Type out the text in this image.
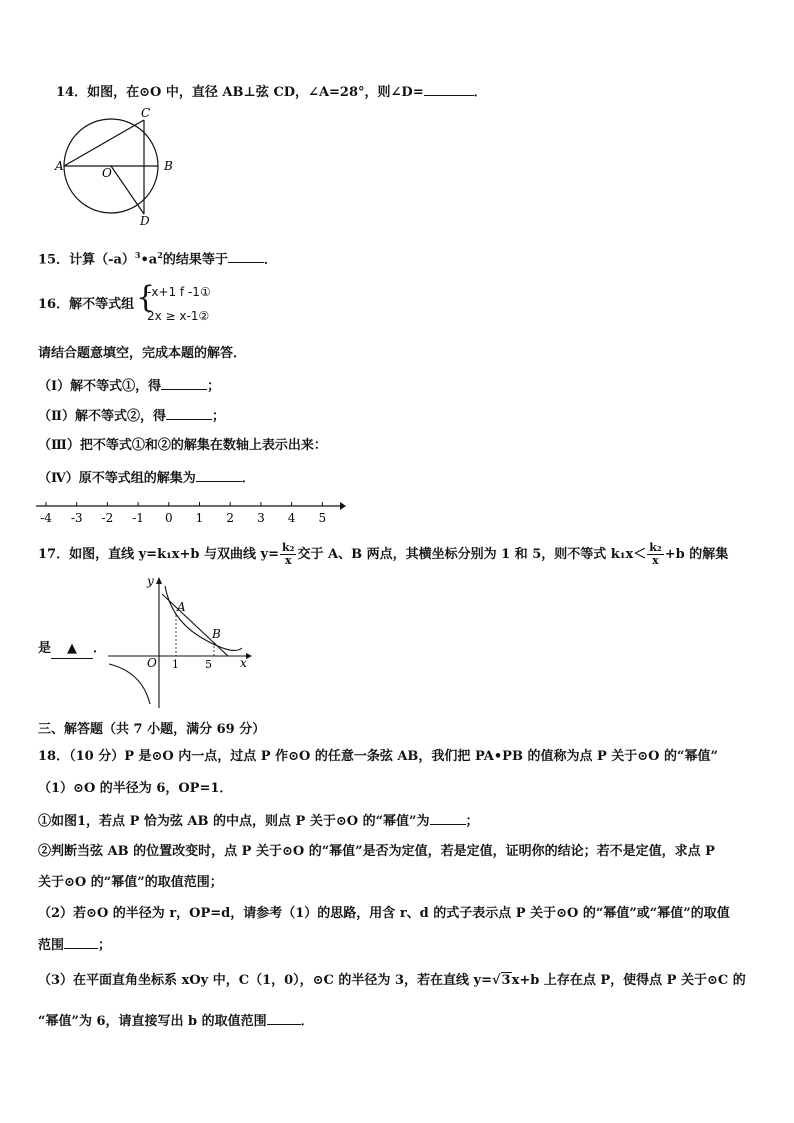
14．如图，在⊙O 中，直径 AB⊥弦 CD，∠A=28°，则∠D=	．
A	B
C
D
O
15．计算$(-a)^3•a^2$的结果等于	．
16．解不等式组 {
-x+1 f -1①
2x ≥ x-1②
请结合题意填空，完成本题的解答．
（Ⅰ）解不等式①，得	；
（Ⅱ）解不等式②，得	；
（Ⅲ）把不等式①和②的解集在数轴上表示出来：
（Ⅳ）原不等式组的解集为	．
-4 -3 -2 -1 0 1 2 3 4 5
17．如图，直线 y=k₁x+b 与双曲线 $y= \frac{\text{k₂}}{x}$ 交于 A、B 两点，其横坐标分别为 1 和 5，则不等式 $k_1x< \frac{\text{k₂}}{x} +b$ 的解集
是 ▲ ．
y
x
O
A
B
1 5
三、解答题（共 7 小题，满分 69 分）
18．（10 分）P 是⊙O 内一点，过点 P 作⊙O 的任意一条弦 AB，我们把 PA•PB 的值称为点 P 关于⊙O 的“幂值”
（1）⊙O 的半径为 6，OP=1．
①如图1，若点 P 恰为弦 AB 的中点，则点 P 关于⊙O 的“幂值”为	；
②判断当弦 AB 的位置改变时，点 P 关于⊙O 的“幂值”是否为定值，若是定值，证明你的结论；若不是定值，求点 P
关于⊙O 的“幂值”的取值范围；
（2）若⊙O 的半径为 r，OP=d，请参考（1）的思路，用含 r、d 的式子表示点 P 关于⊙O 的“幂值”或“幂值”的取值
范围	；
（3）在平面直角坐标系 xOy 中，C（1，0），⊙C 的半径为 3，若在直线 y=√3x+b 上存在点 P，使得点 P 关于⊙C 的
“幂值”为 6，请直接写出 b 的取值范围	．
